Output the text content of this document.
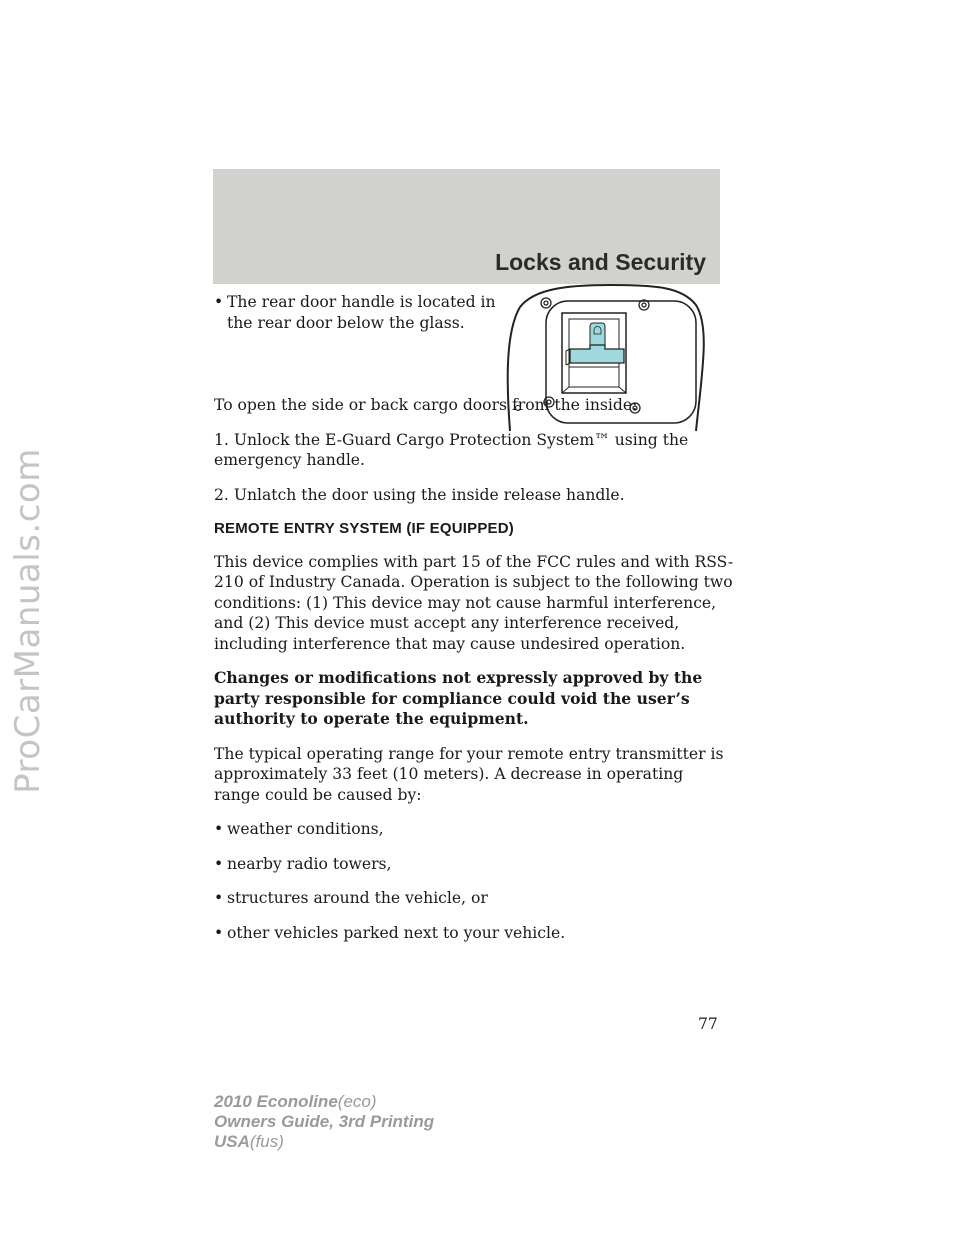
ProCarManuals.com
Locks and Security
• The rear door handle is located in the rear door below the glass.

To open the side or back cargo doors from the inside:

1. Unlock the E-Guard Cargo Protection System™ using the emergency handle.

2. Unlatch the door using the inside release handle.

REMOTE ENTRY SYSTEM (IF EQUIPPED)

This device complies with part 15 of the FCC rules and with RSS-210 of Industry Canada. Operation is subject to the following two conditions: (1) This device may not cause harmful interference, and (2) This device must accept any interference received, including interference that may cause undesired operation.

Changes or modifications not expressly approved by the party responsible for compliance could void the user’s authority to operate the equipment.

The typical operating range for your remote entry transmitter is approximately 33 feet (10 meters). A decrease in operating range could be caused by:

• weather conditions,
• nearby radio towers,
• structures around the vehicle, or
• other vehicles parked next to your vehicle.
77
2010 Econoline(eco)
Owners Guide, 3rd Printing
USA(fus)
